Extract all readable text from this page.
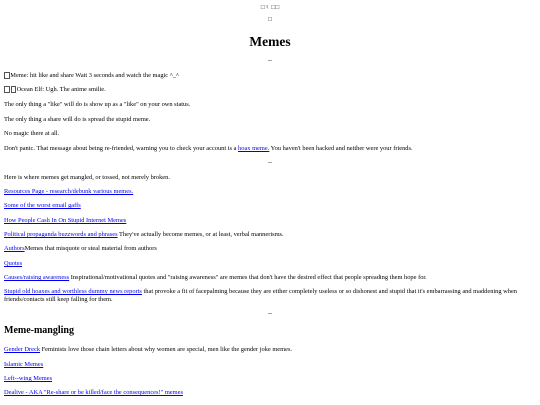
□♀ □□
□
Memes
--

Meme: hit like and share Wait 3 seconds and watch the magic ^_^

Ocean Elf: Ugh. The anime smilie.

The only thing a "like" will do is show up as a "like" on your own status.

The only thing a share will do is spread the stupid meme.

No magic there at all.

Don't panic. That message about being re-friended, warning you to check your account is a hoax meme. You haven't been hacked and neither were your friends.

--

Here is where memes get mangled, or tossed, not merely broken.

Resources Page - research/debunk various memes.

Some of the worst email gaffs

How People Cash In On Stupid Internet Memes

Political propaganda buzzwords and phrases They've actually become memes, or at least, verbal mannerisms.

AuthorsMemes that misquote or steal material from authors

Quotes

Causes/raising awareness Inspirational/motivational quotes and "raising awareness" are memes that don't have the desired effect that people spreading them hope for.

Stupid old hoaxes and worthless dummy news reports that provoke a fit of facepalming because they are either completely useless or so dishonest and stupid that it's embarrassing and maddening when friends/contacts still keep falling for them.

--
Meme-mangling

Gender Dreck Feminists love those chain letters about why women are special, men like the gender joke memes.

Islamic Memes

Left--wing Memes

Dealive - AKA "Re-share or be killed/face the consequences!" memes
